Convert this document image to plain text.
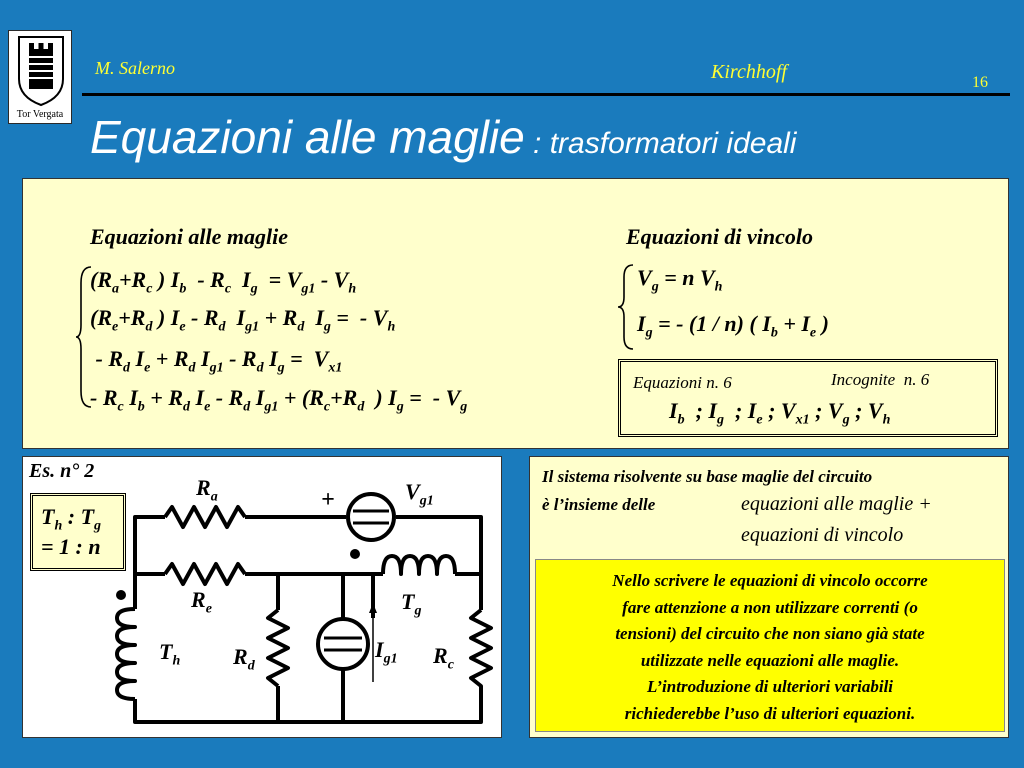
Tor Vergata
M. Salerno	Kirchhoff	16
Equazioni alle maglie : trasformatori ideali
Equazioni alle maglie
($R_a+R_c$ ) $I_b - R_c$  $I_g = V_{g1} - V_h$
($R_e+R_d$ ) $I_e - R_d$  $I_{g1} + R_d$  $I_g$ =  - $V_h$
- $R_d$ $I_e + R_d$ $I_{g1} - R_d$ $I_g = V_{x1}$
- $R_c$ $I_b + R_d$ $I_e - R_d$ $I_{g1} + (R_c+R_d$  ) $I_g$ =  - $V_g$
Equazioni di vincolo
$V_g = n$ $V_h$
$I_g$ = - (1 / n) ( $I_b + I_e$ )
Equazioni n. 6	Incognite  n. 6
$I_b$  ; $I_g$  ; $I_e$ ; $V_{x1}$ ; $V_g$ ; $V_h$
Es. n° 2
$T_h$ : $T_g$
= 1 : n
$R_a$	+	$V_{g1}$
$R_e$	$T_g$
$T_h$ $R_d$
$I_{g1}$ $R_c$
Il sistema risolvente su base maglie del circuito
è l’insieme delle	equazioni alle maglie +
equazioni di vincolo
Nello scrivere le equazioni di vincolo occorre
fare attenzione a non utilizzare correnti (o
tensioni) del circuito che non siano già state
utilizzate nelle equazioni alle maglie.
L’introduzione di ulteriori variabili
richiederebbe l’uso di ulteriori equazioni.
